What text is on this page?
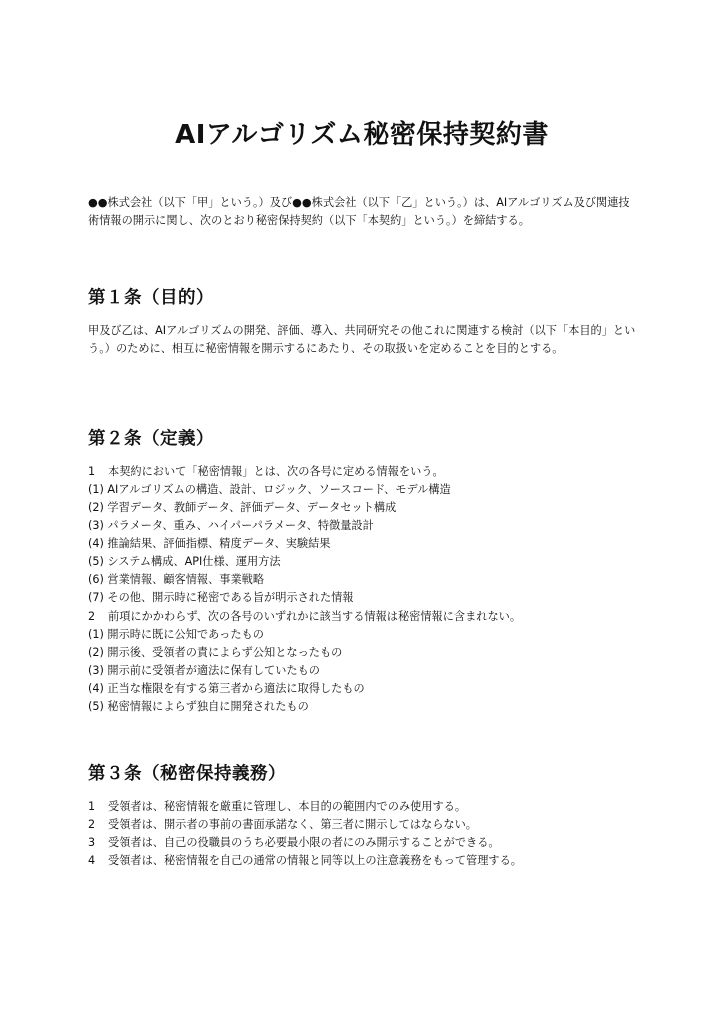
AIアルゴリズム秘密保持契約書
●●株式会社（以下「甲」という。）及び●●株式会社（以下「乙」という。）は、AIアルゴリズム及び関連技術情報の開示に関し、次のとおり秘密保持契約（以下「本契約」という。）を締結する。
第１条（目的）
甲及び乙は、AIアルゴリズムの開発、評価、導入、共同研究その他これに関連する検討（以下「本目的」という。）のために、相互に秘密情報を開示するにあたり、その取扱いを定めることを目的とする。
第２条（定義）
1 本契約において「秘密情報」とは、次の各号に定める情報をいう。
(1) AIアルゴリズムの構造、設計、ロジック、ソースコード、モデル構造
(2) 学習データ、教師データ、評価データ、データセット構成
(3) パラメータ、重み、ハイパーパラメータ、特徴量設計
(4) 推論結果、評価指標、精度データ、実験結果
(5) システム構成、API仕様、運用方法
(6) 営業情報、顧客情報、事業戦略
(7) その他、開示時に秘密である旨が明示された情報
2 前項にかかわらず、次の各号のいずれかに該当する情報は秘密情報に含まれない。
(1) 開示時に既に公知であったもの
(2) 開示後、受領者の責によらず公知となったもの
(3) 開示前に受領者が適法に保有していたもの
(4) 正当な権限を有する第三者から適法に取得したもの
(5) 秘密情報によらず独自に開発されたもの
第３条（秘密保持義務）
1 受領者は、秘密情報を厳重に管理し、本目的の範囲内でのみ使用する。
2 受領者は、開示者の事前の書面承諾なく、第三者に開示してはならない。
3 受領者は、自己の役職員のうち必要最小限の者にのみ開示することができる。
4 受領者は、秘密情報を自己の通常の情報と同等以上の注意義務をもって管理する。
